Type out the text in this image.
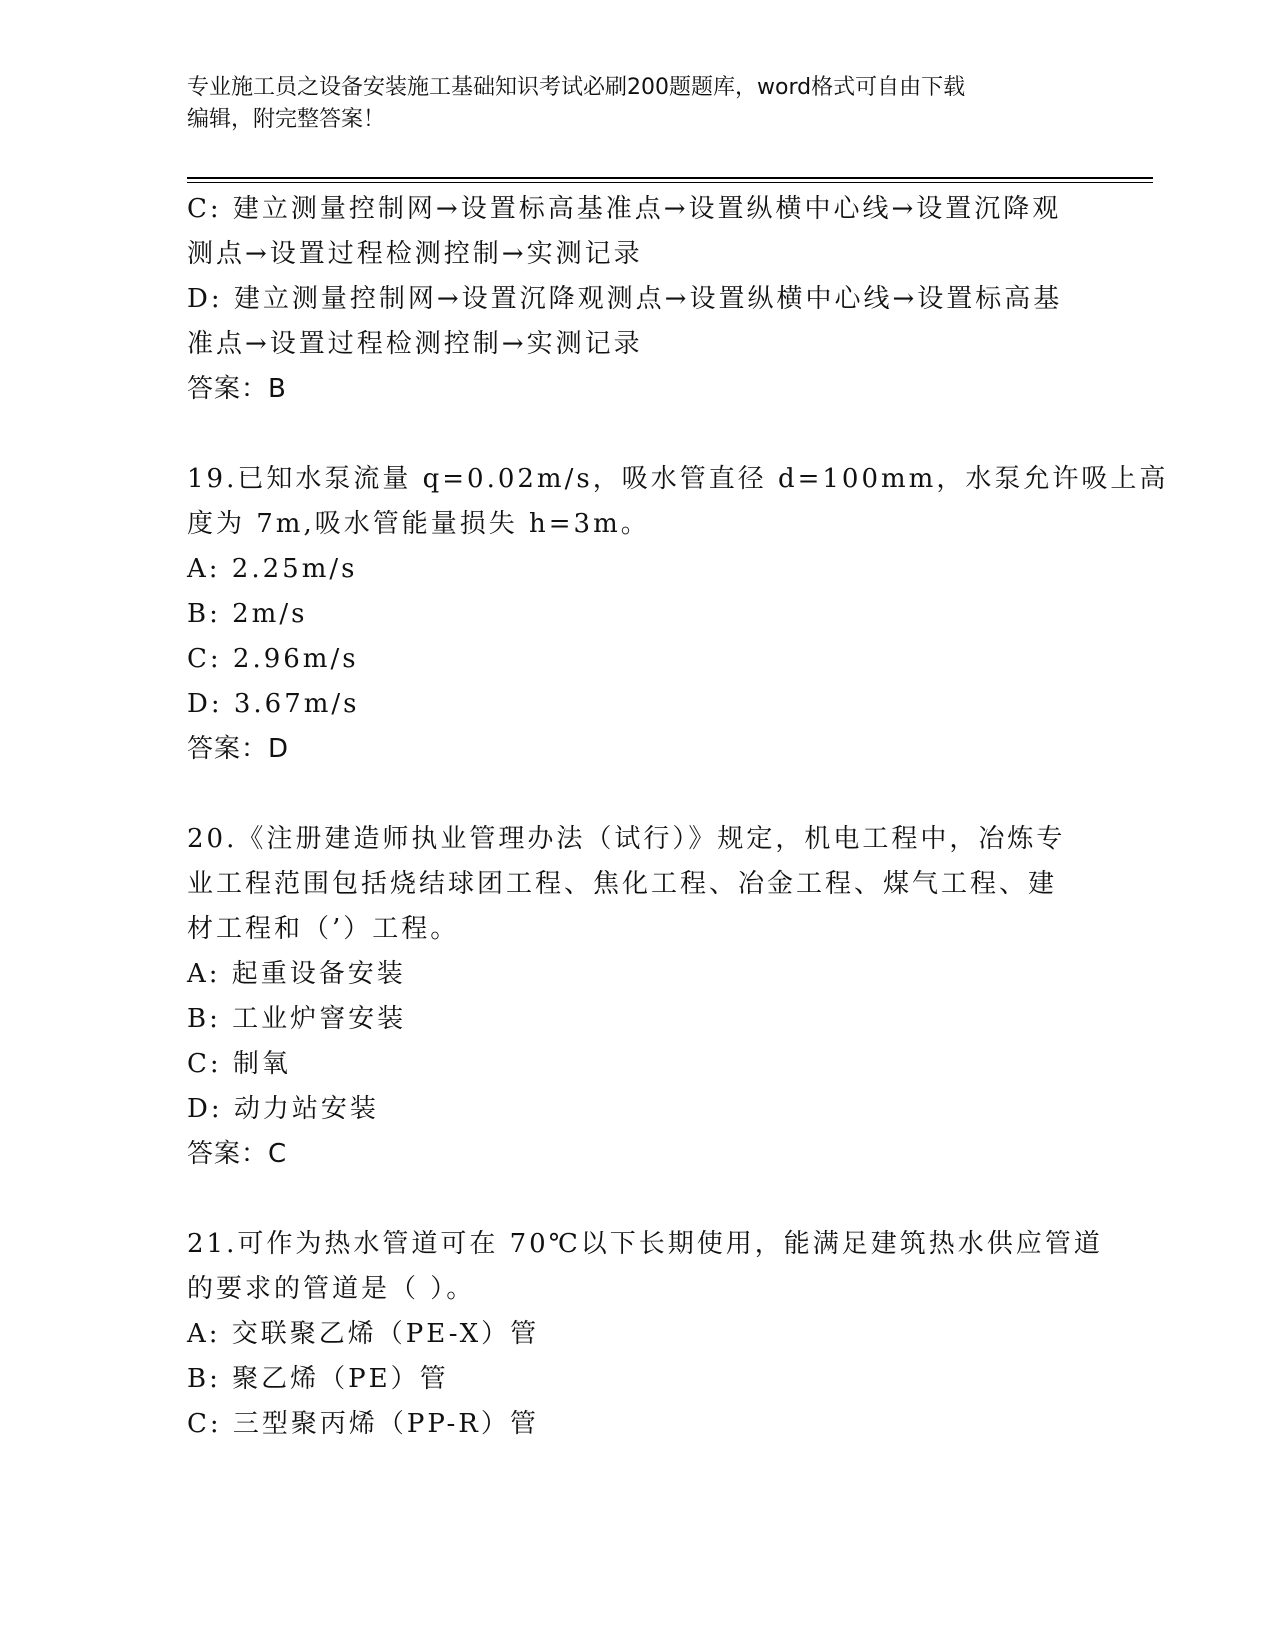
专业施工员之设备安装施工基础知识考试必刷200题题库，word格式可自由下载
编辑，附完整答案！
C: 建立测量控制网→设置标高基准点→设置纵横中心线→设置沉降观
测点→设置过程检测控制→实测记录
D: 建立测量控制网→设置沉降观测点→设置纵横中心线→设置标高基
准点→设置过程检测控制→实测记录
答案：B
19.已知水泵流量 q=0.02m/s，吸水管直径 d=100mm，水泵允许吸上高
度为 7m,吸水管能量损失 h=3m。
A: 2.25m/s
B: 2m/s
C: 2.96m/s
D: 3.67m/s
答案：D
20.《注册建造师执业管理办法（试行）》规定，机电工程中，冶炼专
业工程范围包括烧结球团工程、焦化工程、冶金工程、煤气工程、建
材工程和（’）工程。
A: 起重设备安装
B: 工业炉窨安装
C: 制氧
D: 动力站安装
答案：C
21.可作为热水管道可在 70℃以下长期使用，能满足建筑热水供应管道
的要求的管道是（ ）。
A: 交联聚乙烯（PE-X）管
B: 聚乙烯（PE）管
C: 三型聚丙烯（PP-R）管
